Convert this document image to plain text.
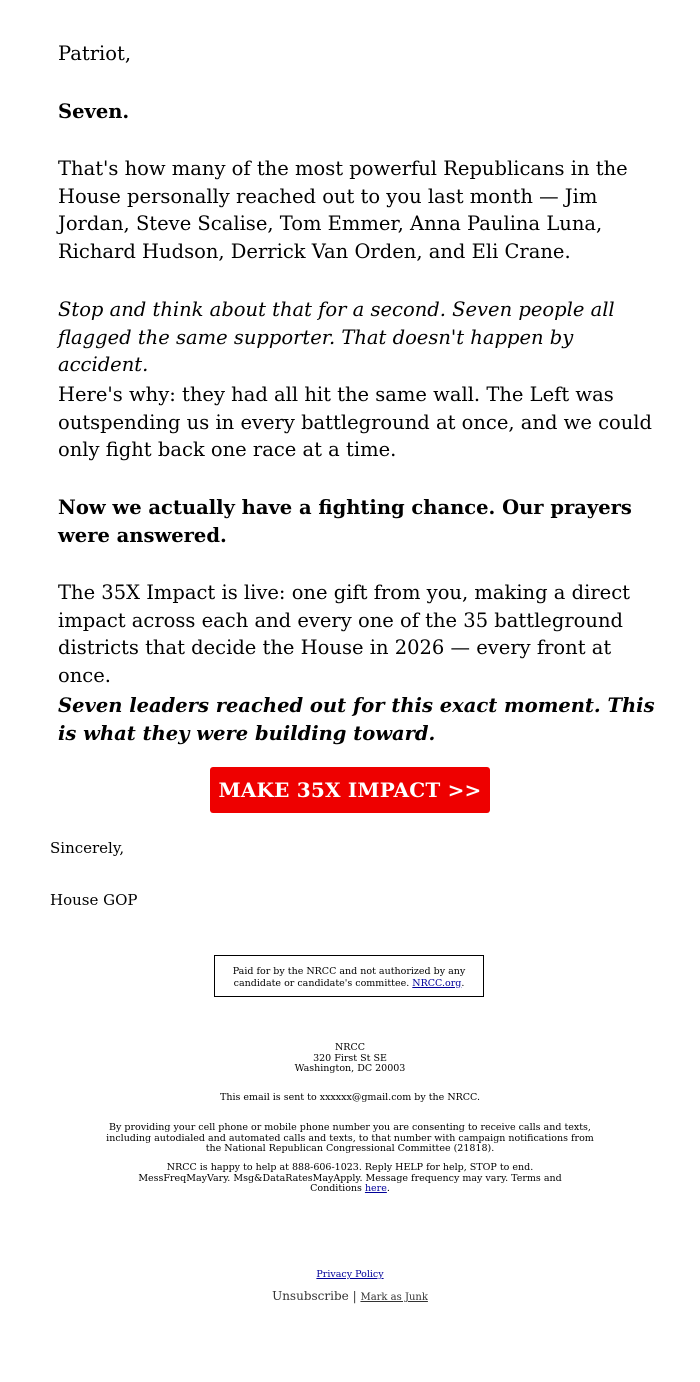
Patriot,

Seven.

That's how many of the most powerful Republicans in the House personally reached out to you last month — Jim Jordan, Steve Scalise, Tom Emmer, Anna Paulina Luna, Richard Hudson, Derrick Van Orden, and Eli Crane.

Stop and think about that for a second. Seven people all flagged the same supporter. That doesn't happen by accident.

Here's why: they had all hit the same wall. The Left was outspending us in every battleground at once, and we could only fight back one race at a time.

Now we actually have a fighting chance. Our prayers were answered.

The 35X Impact is live: one gift from you, making a direct impact across each and every one of the 35 battleground districts that decide the House in 2026 — every front at once.

Seven leaders reached out for this exact moment. This is what they were building toward.

MAKE 35X IMPACT >>

Sincerely,

House GOP

Paid for by the NRCC and not authorized by any candidate or candidate's committee. NRCC.org.
NRCC
320 First St SE
Washington, DC 20003

This email is sent to xxxxxx@gmail.com by the NRCC.

By providing your cell phone or mobile phone number you are consenting to receive calls and texts, including autodialed and automated calls and texts, to that number with campaign notifications from the National Republican Congressional Committee (21818).

NRCC is happy to help at 888-606-1023. Reply HELP for help, STOP to end. MessFreqMayVary. Msg&DataRatesMayApply. Message frequency may vary. Terms and Conditions here.

Privacy Policy

Unsubscribe | Mark as Junk
